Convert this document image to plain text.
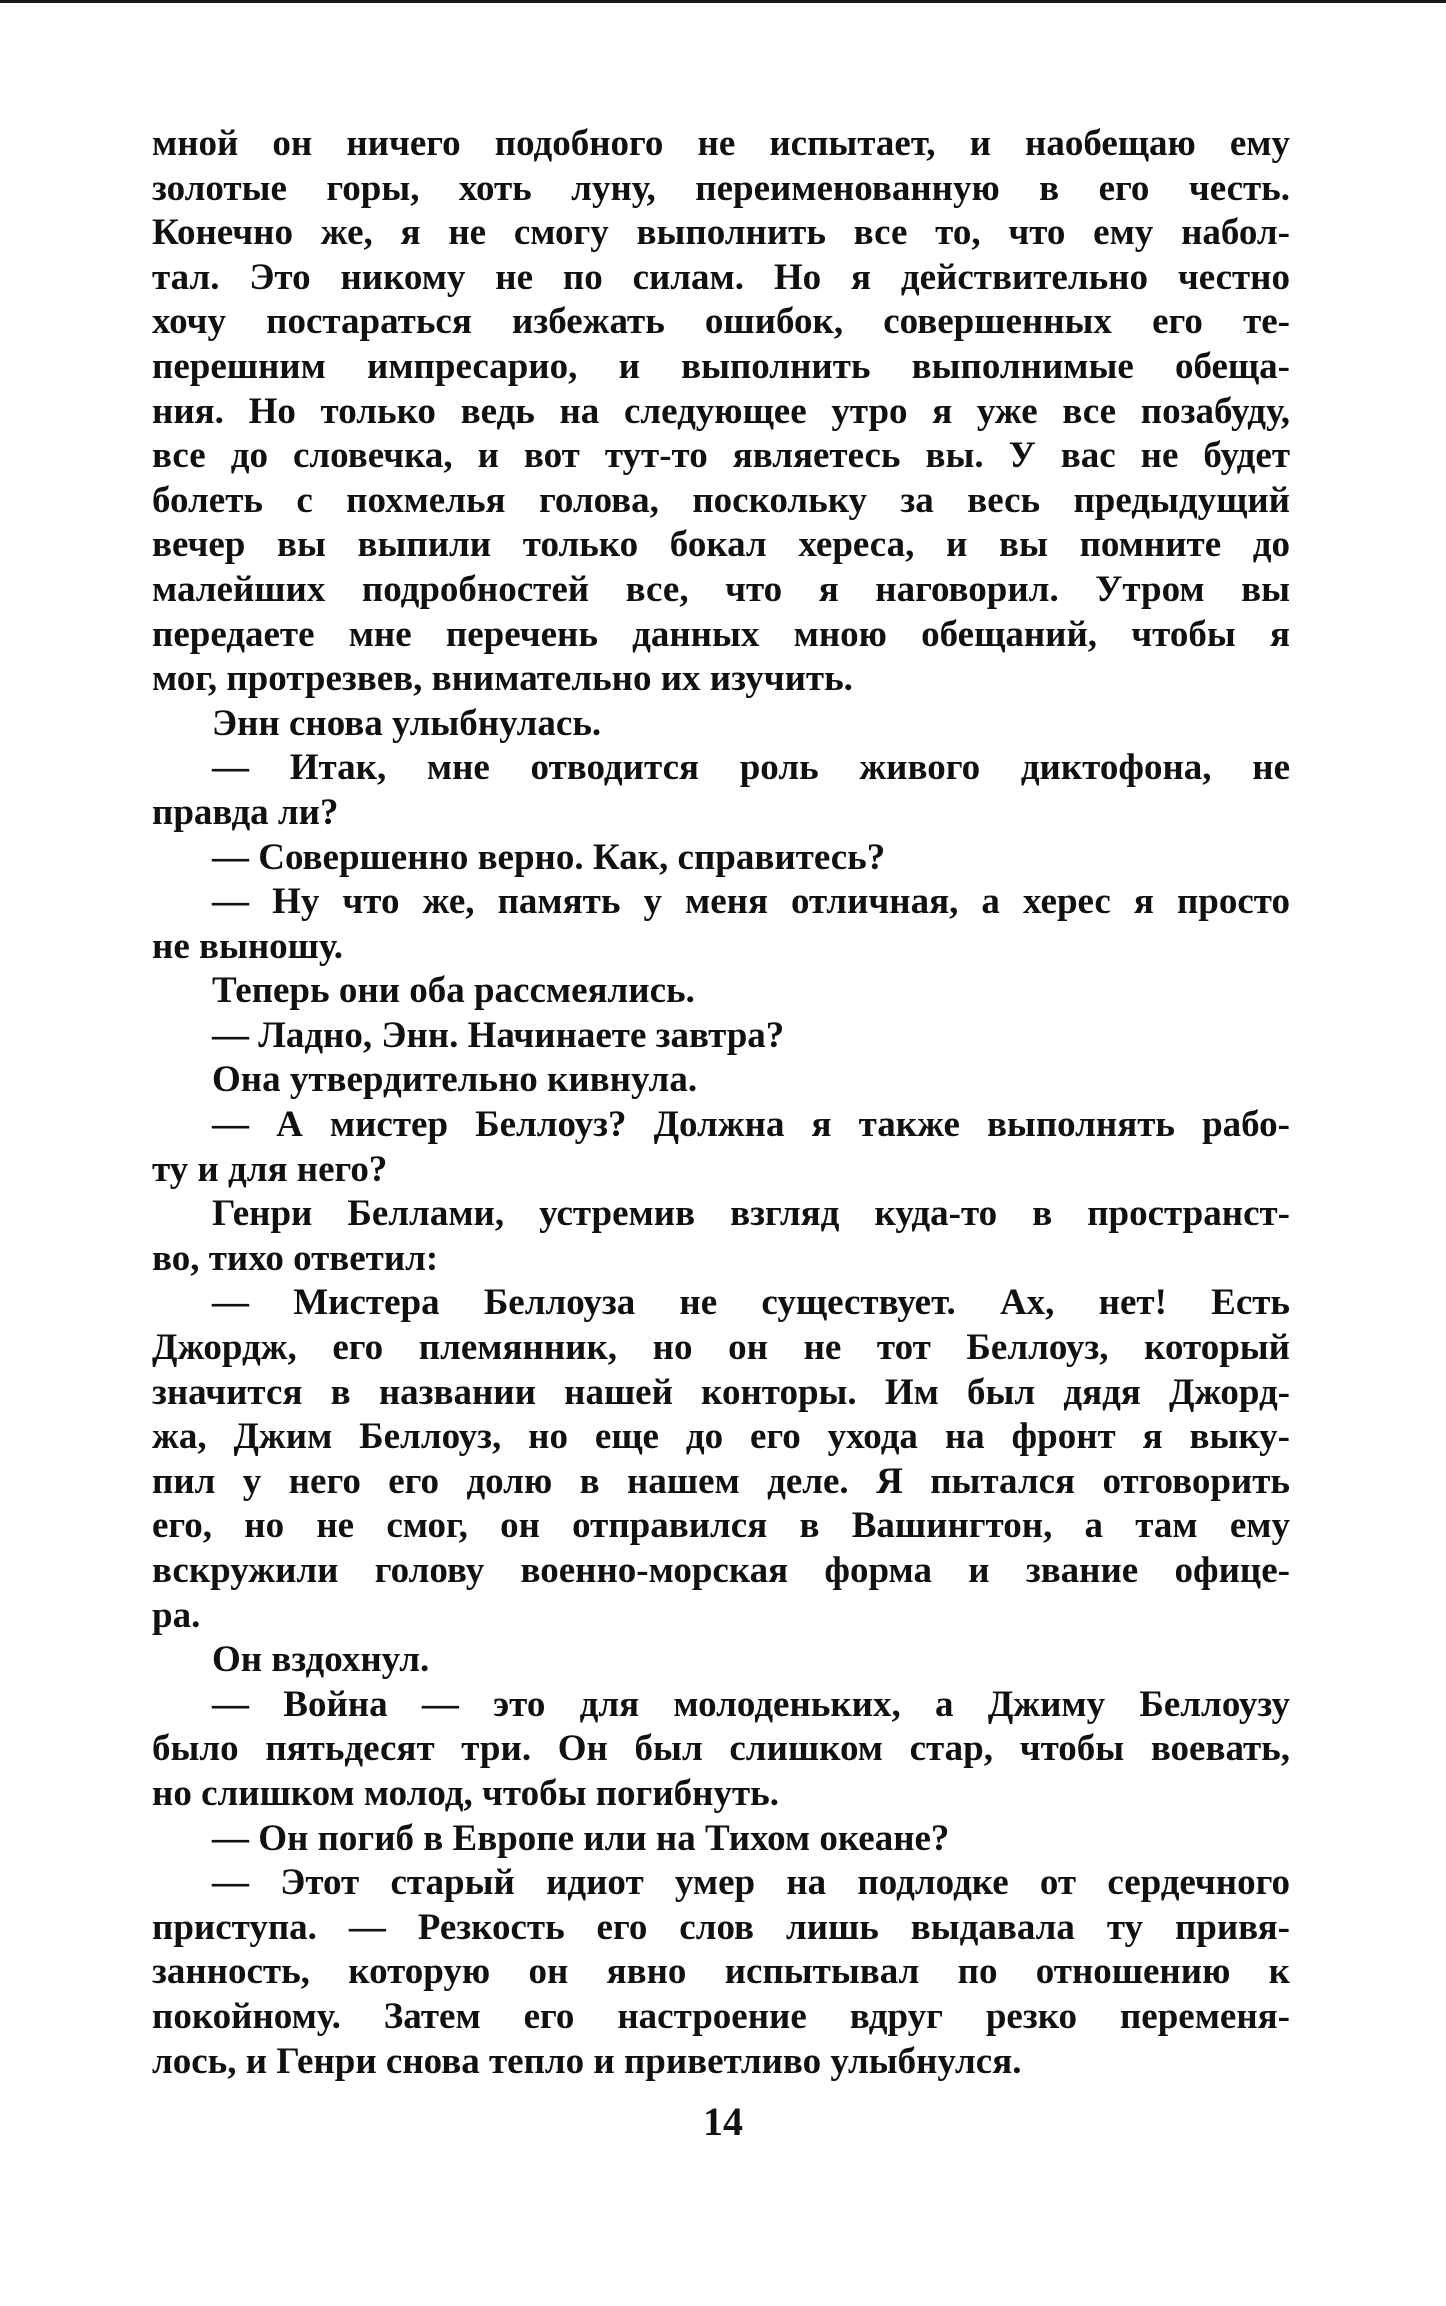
мной он ничего подобного не испытает, и наобещаю ему
золотые горы, хоть луну, переименованную в его честь.
Конечно же, я не смогу выполнить все то, что ему набол-
тал. Это никому не по силам. Но я действительно честно
хочу постараться избежать ошибок, совершенных его те-
перешним импресарио, и выполнить выполнимые обеща-
ния. Но только ведь на следующее утро я уже все позабуду,
все до словечка, и вот тут-то являетесь вы. У вас не будет
болеть с похмелья голова, поскольку за весь предыдущий
вечер вы выпили только бокал хереса, и вы помните до
малейших подробностей все, что я наговорил. Утром вы
передаете мне перечень данных мною обещаний, чтобы я
мог, протрезвев, внимательно их изучить.
Энн снова улыбнулась.
— Итак, мне отводится роль живого диктофона, не
правда ли?
— Совершенно верно. Как, справитесь?
— Ну что же, память у меня отличная, а херес я просто
не выношу.
Теперь они оба рассмеялись.
— Ладно, Энн. Начинаете завтра?
Она утвердительно кивнула.
— А мистер Беллоуз? Должна я также выполнять рабо-
ту и для него?
Генри Беллами, устремив взгляд куда-то в пространст-
во, тихо ответил:
— Мистера Беллоуза не существует. Ах, нет! Есть
Джордж, его племянник, но он не тот Беллоуз, который
значится в названии нашей конторы. Им был дядя Джорд-
жа, Джим Беллоуз, но еще до его ухода на фронт я выку-
пил у него его долю в нашем деле. Я пытался отговорить
его, но не смог, он отправился в Вашингтон, а там ему
вскружили голову военно-морская форма и звание офице-
ра.
Он вздохнул.
— Война — это для молоденьких, а Джиму Беллоузу
было пятьдесят три. Он был слишком стар, чтобы воевать,
но слишком молод, чтобы погибнуть.
— Он погиб в Европе или на Тихом океане?
— Этот старый идиот умер на подлодке от сердечного
приступа. — Резкость его слов лишь выдавала ту привя-
занность, которую он явно испытывал по отношению к
покойному. Затем его настроение вдруг резко переменя-
лось, и Генри снова тепло и приветливо улыбнулся.
14
